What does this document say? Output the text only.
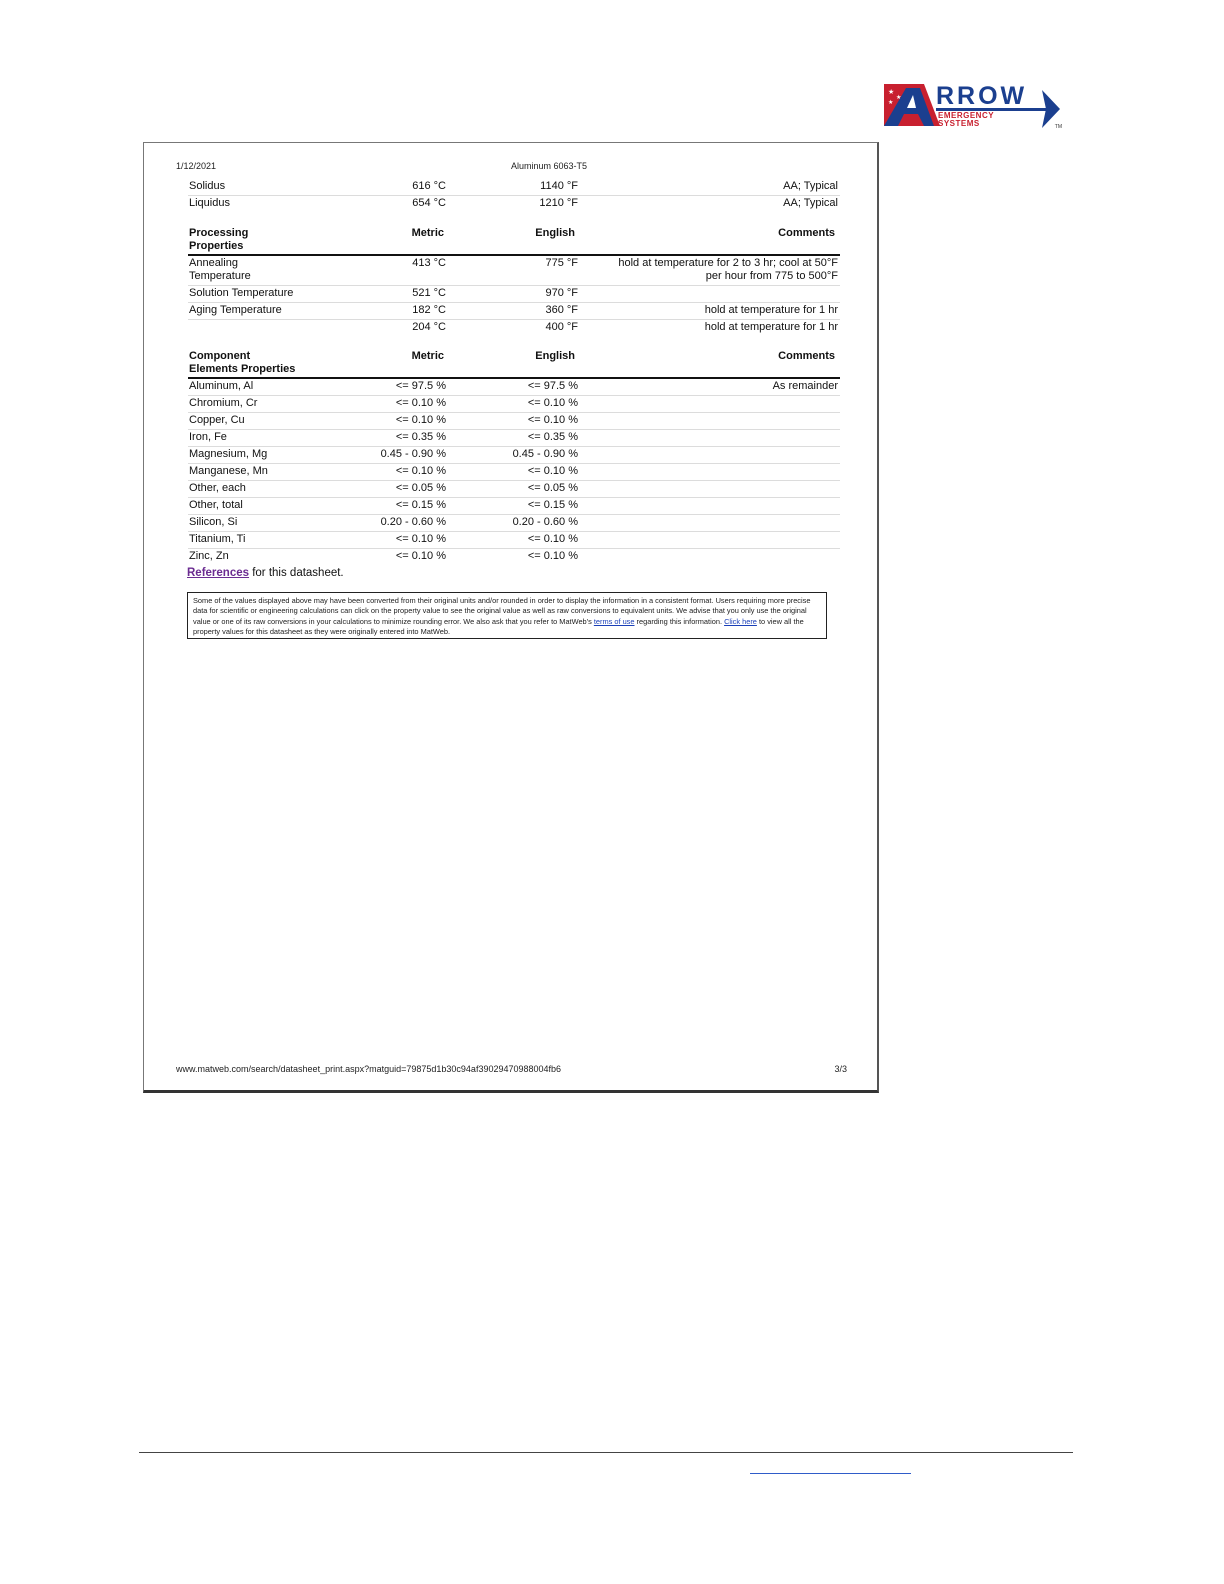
★
★
★ RROW
EMERGENCY
SYSTEMS	TM
1/12/2021	Aluminum 6063-T5
Solidus	616 °C	1140 °F	AA; Typical
Liquidus	654 °C	1210 °F	AA; Typical
Processing
Properties
Metric	English	Comments
Annealing
Temperature
413 °C	775 °F	hold at temperature for 2 to 3 hr; cool at 50°F
per hour from 775 to 500°F
Solution Temperature	521 °C	970 °F
Aging Temperature	182 °C	360 °F	hold at temperature for 1 hr
204 °C	400 °F	hold at temperature for 1 hr
Component
Elements Properties
Metric	English	Comments
Aluminum, Al	<= 97.5 %	<= 97.5 %	As remainder
Chromium, Cr	<= 0.10 %	<= 0.10 %
Copper, Cu	<= 0.10 %	<= 0.10 %
Iron, Fe	<= 0.35 %	<= 0.35 %
Magnesium, Mg	0.45 - 0.90 %	0.45 - 0.90 %
Manganese, Mn	<= 0.10 %	<= 0.10 %
Other, each	<= 0.05 %	<= 0.05 %
Other, total	<= 0.15 %	<= 0.15 %
Silicon, Si	0.20 - 0.60 %	0.20 - 0.60 %
Titanium, Ti	<= 0.10 %	<= 0.10 %
Zinc, Zn	<= 0.10 %	<= 0.10 %
References for this datasheet.
Some of the values displayed above may have been converted from their original units and/or rounded in order to display the information in a consistent format. Users requiring more precise data for scientific or engineering calculations can click on the property value to see the original value as well as raw conversions to equivalent units. We advise that you only use the original value or one of its raw conversions in your calculations to minimize rounding error. We also ask that you refer to MatWeb's terms of use regarding this information. Click here to view all the property values for this datasheet as they were originally entered into MatWeb.
www.matweb.com/search/datasheet_print.aspx?matguid=79875d1b30c94af39029470988004fb6	3/3
